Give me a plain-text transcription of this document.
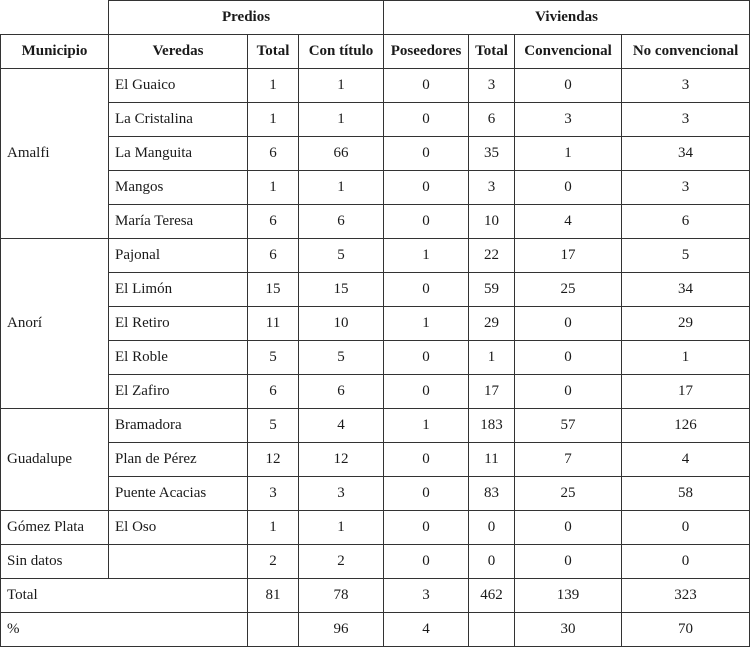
	Predios			Viviendas			
Municipio	Veredas	Total	Con título	Poseedores	Total	Convencional	No convencional
Amalfi	El Guaico	1	1	0	3	0	3
	La Cristalina	1	1	0	6	3	3
	La Manguita	6	66	0	35	1	34
	Mangos	1	1	0	3	0	3
	María Teresa	6	6	0	10	4	6
Anorí	Pajonal	6	5	1	22	17	5
	El Limón	15	15	0	59	25	34
	El Retiro	11	10	1	29	0	29
	El Roble	5	5	0	1	0	1
	El Zafiro	6	6	0	17	0	17
Guadalupe	Bramadora	5	4	1	183	57	126
	Plan de Pérez	12	12	0	11	7	4
	Puente Acacias	3	3	0	83	25	58
Gómez Plata	El Oso	1	1	0	0	0	0
Sin datos		2	2	0	0	0	0
Total		81	78	3	462	139	323
%			96	4		30	70
